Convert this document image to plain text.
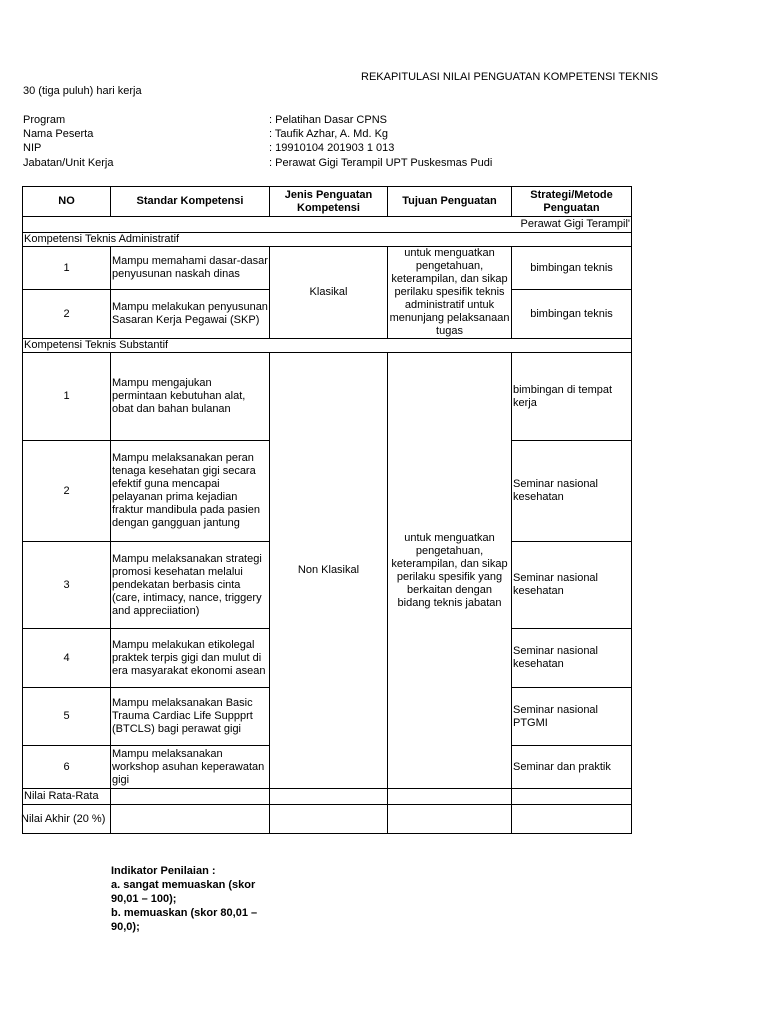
REKAPITULASI NILAI PENGUATAN KOMPETENSI TEKNIS
30 (tiga puluh) hari kerja
Program	: Pelatihan Dasar CPNS
Nama Peserta	: Taufik Azhar, A. Md. Kg
NIP	: 19910104 201903 1 013
Jabatan/Unit Kerja	: Perawat Gigi Terampil UPT Puskesmas Pudi
NO	Standar Kompetensi	Jenis Penguatan Kompetensi	Tujuan Penguatan	Strategi/Metode Penguatan
Perawat Gigi Terampil'				
Kompetensi Teknis Administratif				
1	Mampu memahami dasar-dasar penyusunan naskah dinas	Klasikal	untuk menguatkan pengetahuan, keterampilan, dan sikap perilaku spesifik teknis administratif untuk menunjang pelaksanaan tugas	bimbingan teknis
2	Mampu melakukan penyusunan Sasaran Kerja Pegawai (SKP)			bimbingan teknis
Kompetensi Teknis Substantif				
1	Mampu mengajukan permintaan kebutuhan alat, obat dan bahan bulanan	Non Klasikal	untuk menguatkan pengetahuan, keterampilan, dan sikap perilaku spesifik yang berkaitan dengan bidang teknis jabatan	bimbingan di tempat kerja
2	Mampu melaksanakan peran tenaga kesehatan gigi secara efektif guna mencapai pelayanan prima kejadian fraktur mandibula pada pasien dengan gangguan jantung			Seminar nasional kesehatan
3	Mampu melaksanakan strategi promosi kesehatan melalui pendekatan berbasis cinta (care, intimacy, nance, triggery and appreciiation)			Seminar nasional kesehatan
4	Mampu melakukan etikolegal praktek terpis gigi dan mulut di era masyarakat ekonomi asean			Seminar nasional kesehatan
5	Mampu melaksanakan Basic Trauma Cardiac Life Suppprt (BTCLS) bagi perawat gigi			Seminar nasional PTGMI
6	Mampu melaksanakan workshop asuhan keperawatan gigi			Seminar dan praktik
Nilai Rata-Rata				
Nilai Akhir (20 %)				
Indikator Penilaian :
a. sangat memuaskan (skor 90,01 – 100);
b. memuaskan (skor 80,01 – 90,0);
